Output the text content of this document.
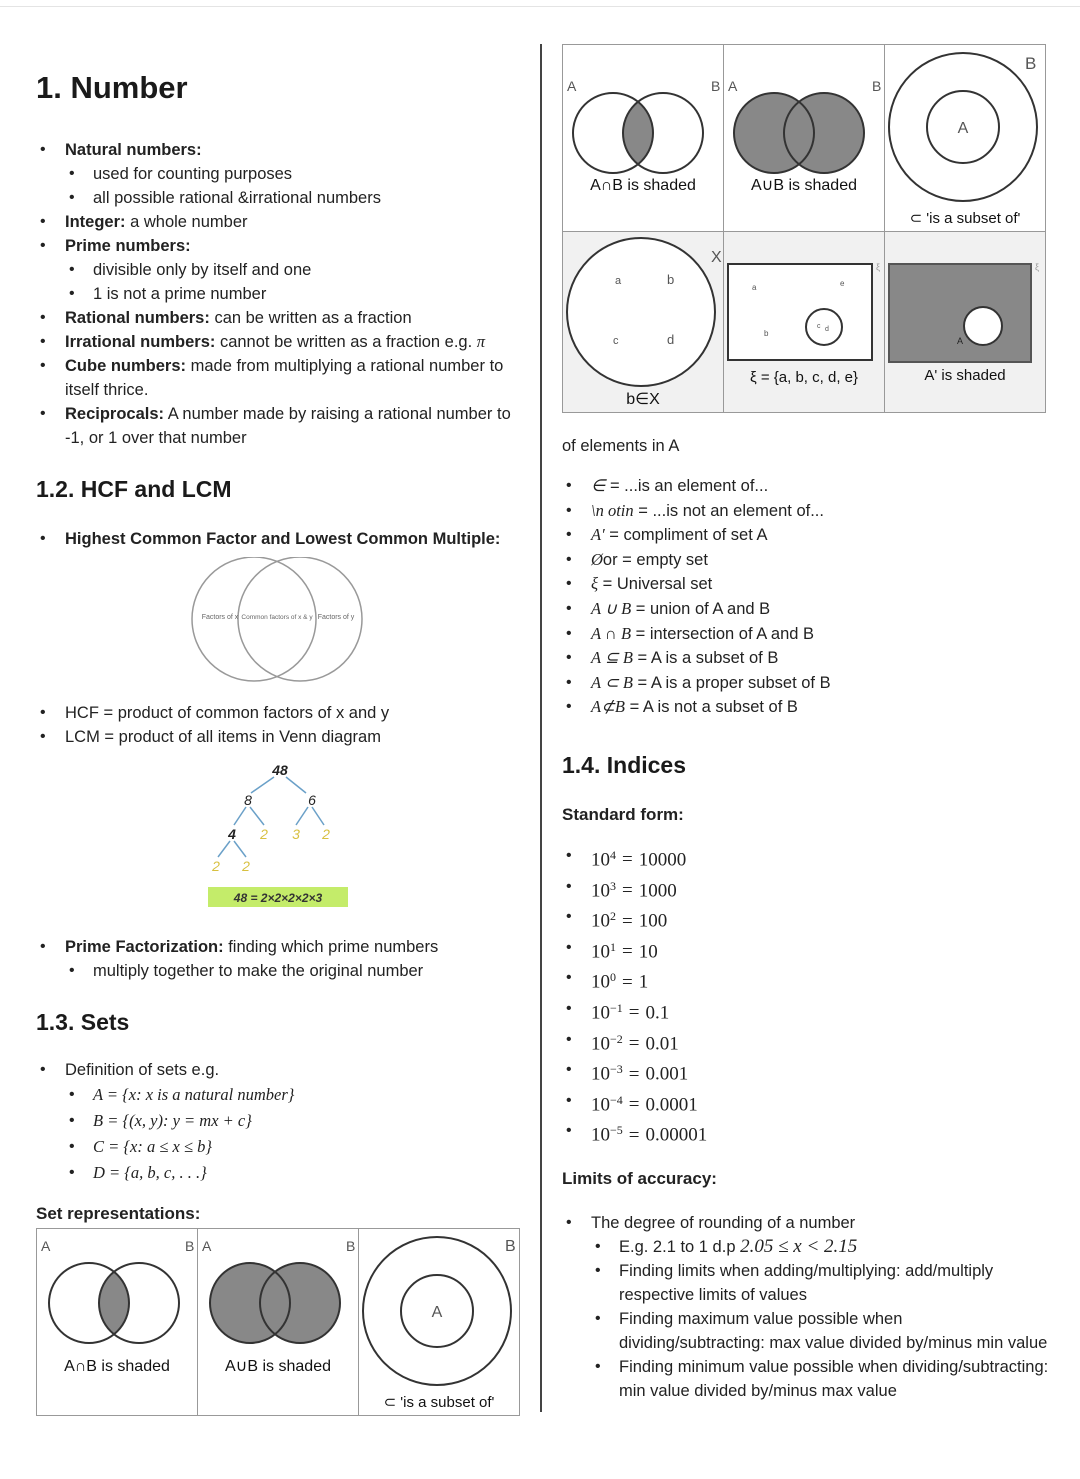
1. Number
• Natural numbers:
• used for counting purposes
• all possible rational &irrational numbers
• Integer: a whole number
• Prime numbers:
• divisible only by itself and one
• 1 is not a prime number
• Rational numbers: can be written as a fraction
• Irrational numbers: cannot be written as a fraction e.g. π
• Cube numbers: made from multiplying a rational number to itself thrice.
• Reciprocals: A number made by raising a rational number to -1, or 1 over that number
1.2. HCF and LCM
• Highest Common Factor and Lowest Common Multiple:
Factors of x Common factors of x & y Factors of y
• HCF = product of common factors of x and y
• LCM = product of all items in Venn diagram
48
8	6
4 2 3 2
2 2
48 = 2×2×2×2×3
• Prime Factorization: finding which prime numbers
• multiply together to make the original number
1.3. Sets
• Definition of sets e.g.
• A = {x: x is a natural number}
• B = {(x, y): y = mx + c}
• C = {x: a ≤ x ≤ b}
• D = {a, b, c, . . .}
Set representations:
A	B
A∩B is shaded
A	B
A∪B is shaded
A
B
⊂ 'is a subset of'
A	B
A∩B is shaded
A	B
A∪B is shaded
A
B
⊂ 'is a subset of'
X
a	b
c	d
b∈X
ξ
a	e
b
c d
ξ = {a, b, c, d, e}
ξ
A
A' is shaded
of elements in A
• ∈ = ...is an element of...
• \n otin = ...is not an element of...
• A′ = compliment of set A
• Øor = empty set
• ξ = Universal set
• A ∪ B = union of A and B
• A ∩ B = intersection of A and B
• A ⊆ B = A is a subset of B
• A ⊂ B = A is a proper subset of B
• A⊄B = A is not a subset of B
1.4. Indices
Standard form:
• $10^4 = 10000$
• $10^3 = 1000$
• $10^2 = 100$
• $10^1 = 10$
• $10^0 = 1$
• $10^{-1} = 0.1$
• $10^{-2} = 0.01$
• $10^{-3} = 0.001$
• $10^{-4} = 0.0001$
• $10^{-5} = 0.00001$
Limits of accuracy:
• The degree of rounding of a number
• E.g. 2.1 to 1 d.p 2.05 ≤ x < 2.15
• Finding limits when adding/multiplying: add/multiply respective limits of values
• Finding maximum value possible when dividing/subtracting: max value divided by/minus min value
• Finding minimum value possible when dividing/subtracting: min value divided by/minus max value
